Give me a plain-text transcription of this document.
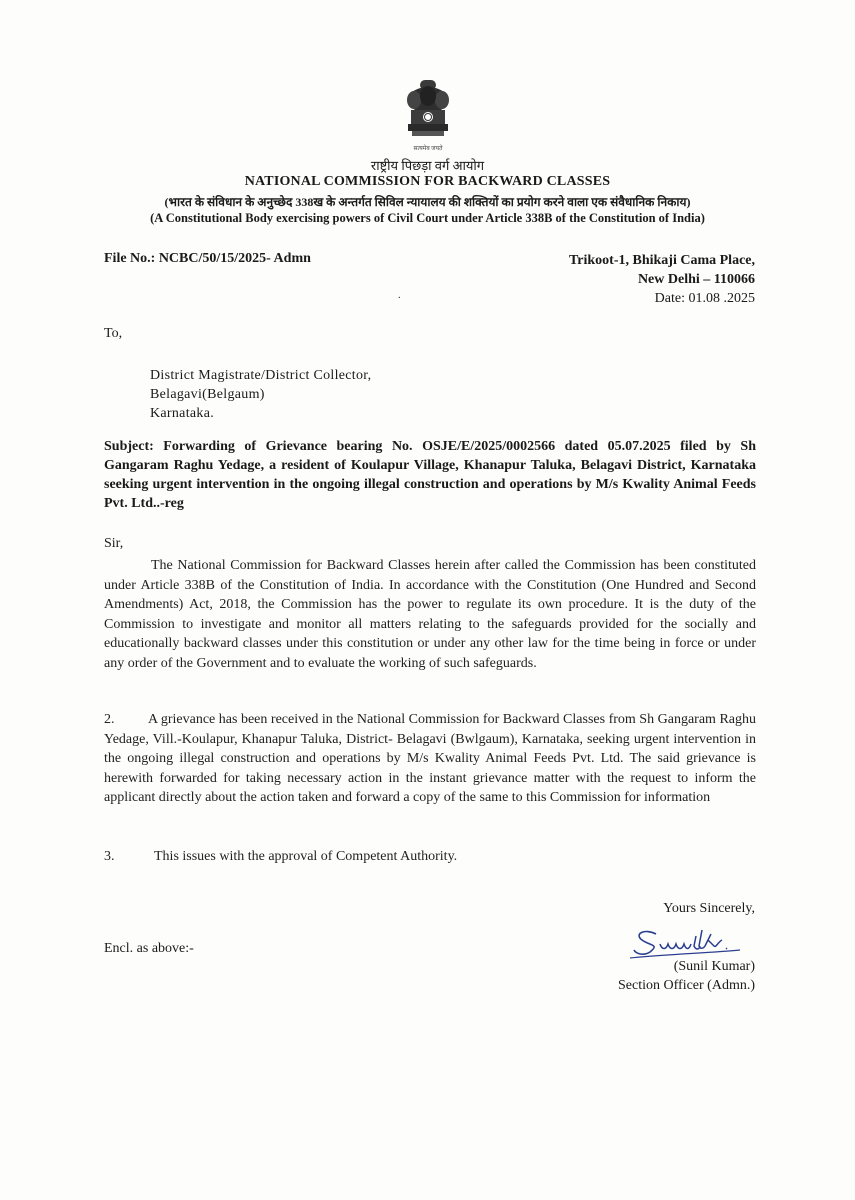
सत्यमेव जयते
राष्ट्रीय पिछड़ा वर्ग आयोग
NATIONAL COMMISSION FOR BACKWARD CLASSES
(भारत के संविधान के अनुच्छेद 338ख के अन्तर्गत सिविल न्यायालय की शक्तियों का प्रयोग करने वाला एक संवैधानिक निकाय)
(A Constitutional Body exercising powers of Civil Court under Article 338B of the Constitution of India)
File No.: NCBC/50/15/2025- Admn	Trikoot-1, Bhikaji Cama Place,
New Delhi – 110066
Date: 01.08 .2025
.
To,
District Magistrate/District Collector,
Belagavi(Belgaum)
Karnataka.
Subject: Forwarding of Grievance bearing No. OSJE/E/2025/0002566 dated 05.07.2025 filed by Sh Gangaram Raghu Yedage, a resident of Koulapur Village, Khanapur Taluka, Belagavi District, Karnataka seeking urgent intervention in the ongoing illegal construction and operations by M/s Kwality Animal Feeds Pvt. Ltd..-reg
Sir,
The National Commission for Backward Classes herein after called the Commission has been constituted under Article 338B of the Constitution of India. In accordance with the Constitution (One Hundred and Second Amendments) Act, 2018, the Commission has the power to regulate its own procedure. It is the duty of the Commission to investigate and monitor all matters relating to the safeguards provided for the socially and educationally backward classes under this constitution or under any other law for the time being in force or under any order of the Government and to evaluate the working of such safeguards.
2. A grievance has been received in the National Commission for Backward Classes from Sh Gangaram Raghu Yedage, Vill.-Koulapur, Khanapur Taluka, District- Belagavi (Bwlgaum), Karnataka, seeking urgent intervention in the ongoing illegal construction and operations by M/s Kwality Animal Feeds Pvt. Ltd. The said grievance is herewith forwarded for taking necessary action in the instant grievance matter with the request to inform the applicant directly about the action taken and forward a copy of the same to this Commission for information
3.	This issues with the approval of Competent Authority.
Yours Sincerely,
Encl. as above:-
(Sunil Kumar)
Section Officer (Admn.)
